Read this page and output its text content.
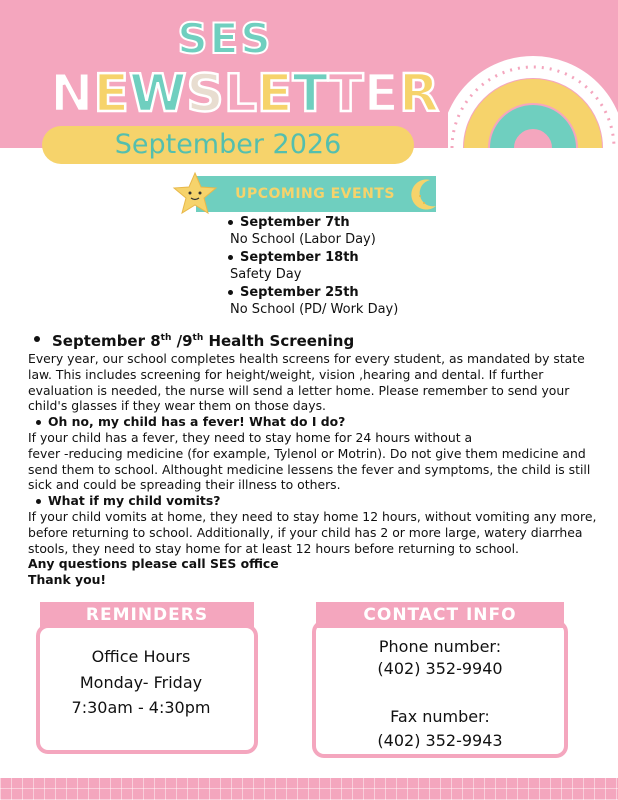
SES
N E W S L E T T E R
September 2026
UPCOMING EVENTS
September 7th
No School (Labor Day)
September 18th
Safety Day
September 25th
No School (PD/ Work Day)
September 8th /9th Health Screening

Every year, our school completes health screens for every student, as mandated by state law. This includes screening for height/weight, vision ,hearing and dental. If further evaluation is needed, the nurse will send a letter home. Please remember to send your child's glasses if they wear them on those days.

Oh no, my child has a fever! What do I do?

If your child has a fever, they need to stay home for 24 hours without a

fever -reducing medicine (for example, Tylenol or Motrin). Do not give them medicine and send them to school. Althought medicine lessens the fever and symptoms, the child is still sick and could be spreading their illness to others.

What if my child vomits?

If your child vomits at home, they need to stay home 12 hours, without vomiting any more, before returning to school. Additionally, if your child has 2 or more large, watery diarrhea stools, they need to stay home for at least 12 hours before returning to school.

Any questions please call SES office

Thank you!

REMINDERS
Office Hours
Monday- Friday
7:30am - 4:30pm
CONTACT INFO
Phone number:
(402) 352-9940
Fax number:
(402) 352-9943
